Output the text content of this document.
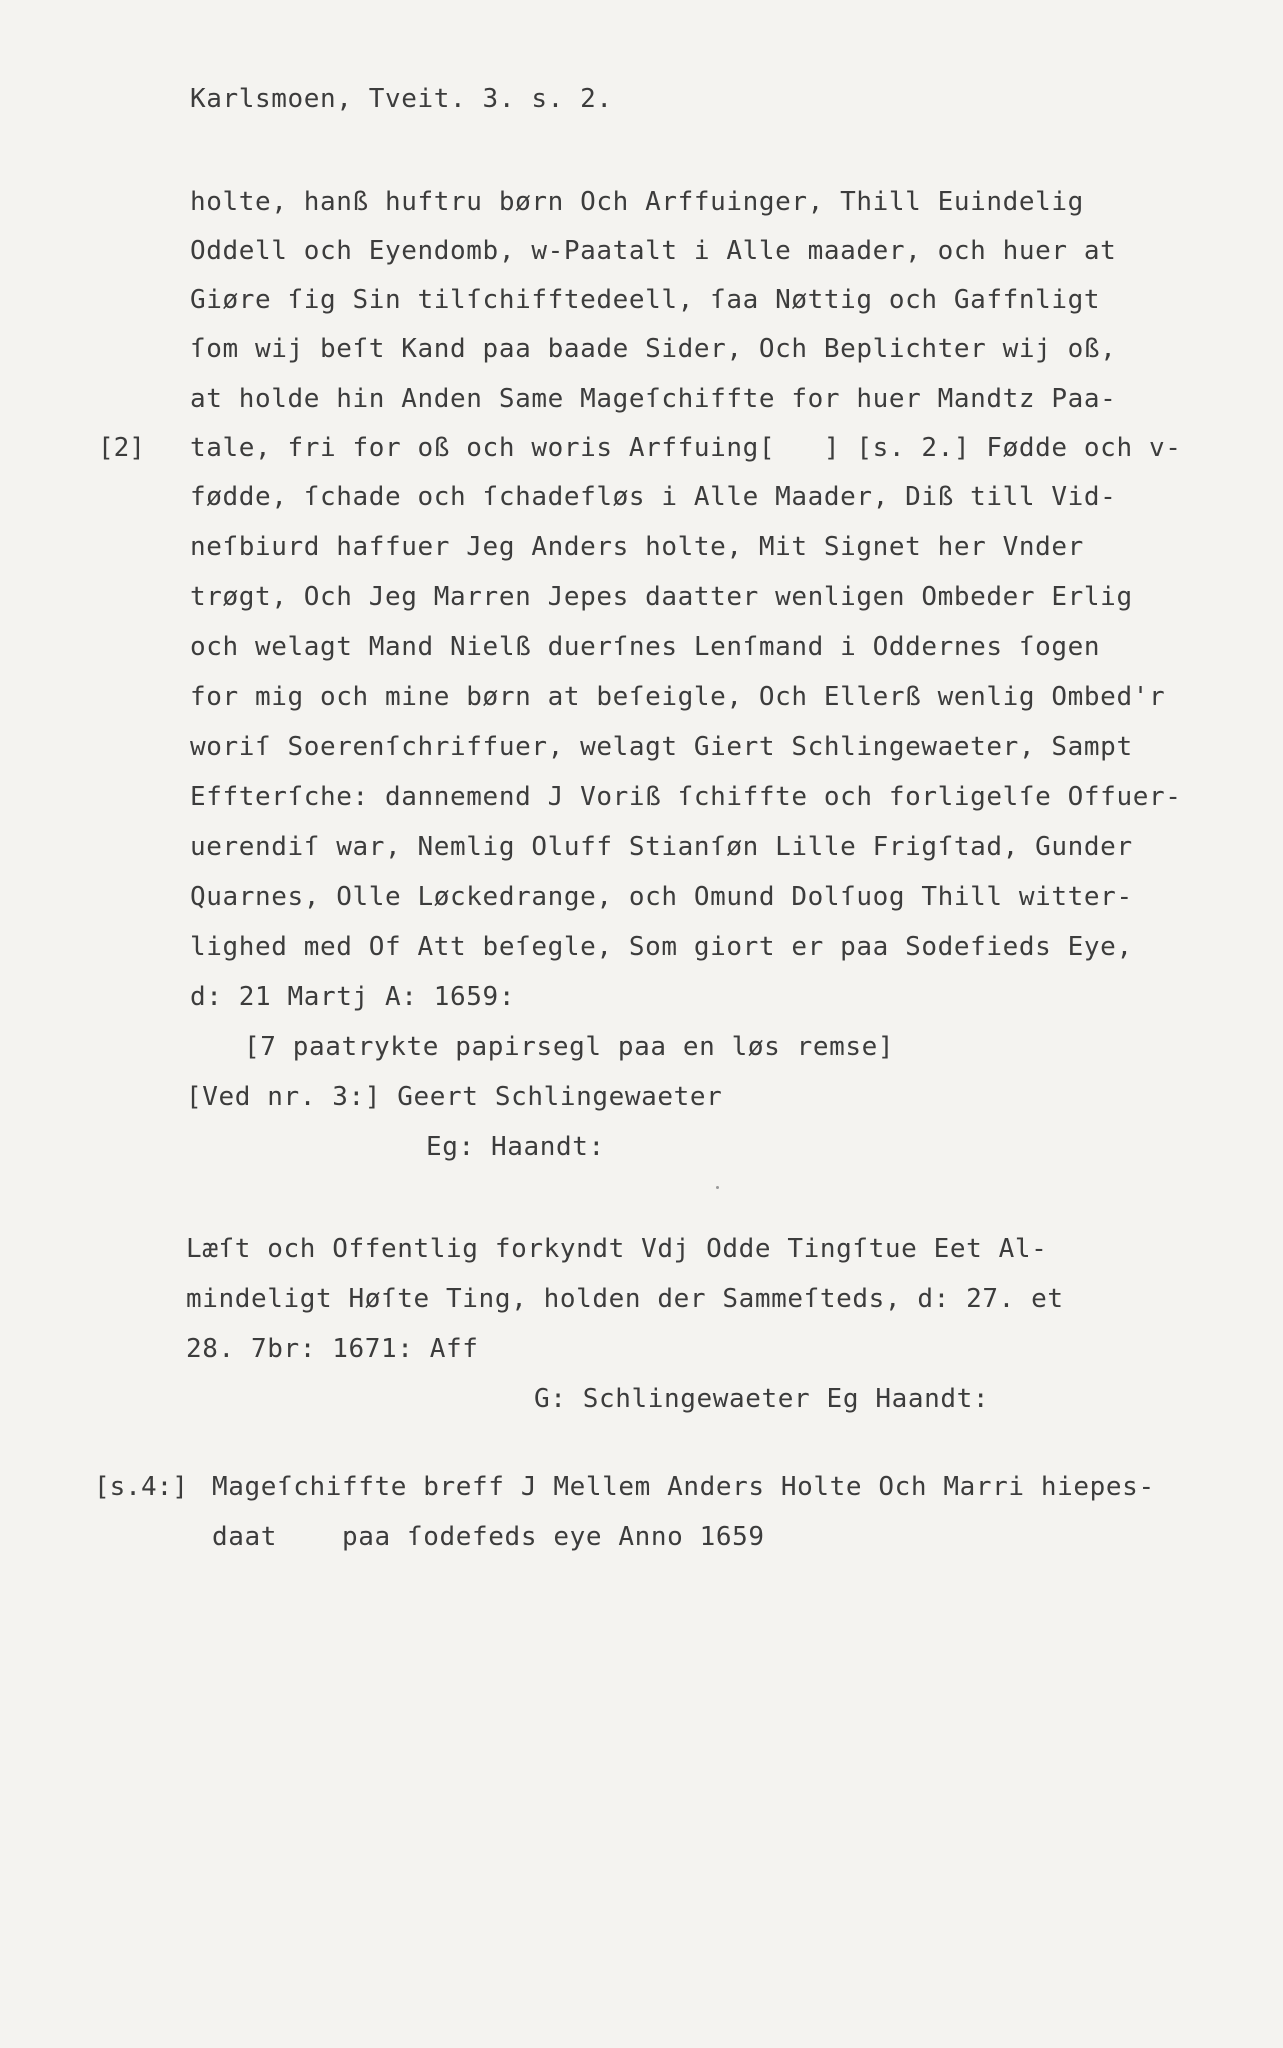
Karlsmoen, Tveit. 3. s. 2.
holte, hanß huftru børn Och Arffuinger, Thill Euindelig
Oddell och Eyendomb, w-Paatalt i Alle maader, och huer at
Giøre ſig Sin tilſchifftedeell, ſaa Nøttig och Gaffnligt
ſom wij beſt Kand paa baade Sider, Och Beplichter wij oß,
at holde hin Anden Same Mageſchiffte for huer Mandtz Paa-
[2] tale, fri for oß och woris Arffuing[   ] [s. 2.] Fødde och v-
fødde, ſchade och ſchadefløs i Alle Maader, Diß till Vid-
neſbiurd haffuer Jeg Anders holte, Mit Signet her Vnder
trøgt, Och Jeg Marren Jepes daatter wenligen Ombeder Erlig
och welagt Mand Nielß duerſnes Lenſmand i Oddernes ſogen
for mig och mine børn at beſeigle, Och Ellerß wenlig Ombed'r
woriſ Soerenſchriffuer, welagt Giert Schlingewaeter, Sampt
Effterſche: dannemend J Voriß ſchiffte och forligelſe Offuer-
uerendiſ war, Nemlig Oluff Stianſøn Lille Frigſtad, Gunder
Quarnes, Olle Løckedrange, och Omund Dolſuog Thill witter-
lighed med Of Att beſegle, Som giort er paa Sodefieds Eye,
d: 21 Martj A: 1659:
[7 paatrykte papirsegl paa en løs remse]
[Ved nr. 3:] Geert Schlingewaeter
Eg: Haandt:
Læſt och Offentlig forkyndt Vdj Odde Tingſtue Eet Al-
mindeligt Høſte Ting, holden der Sammeſteds, d: 27. et
28. 7br: 1671: Aff
G: Schlingewaeter Eg Haandt:
[s.4:] Mageſchiffte breff J Mellem Anders Holte Och Marri hiepes-
daat    paa ſodefeds eye Anno 1659
